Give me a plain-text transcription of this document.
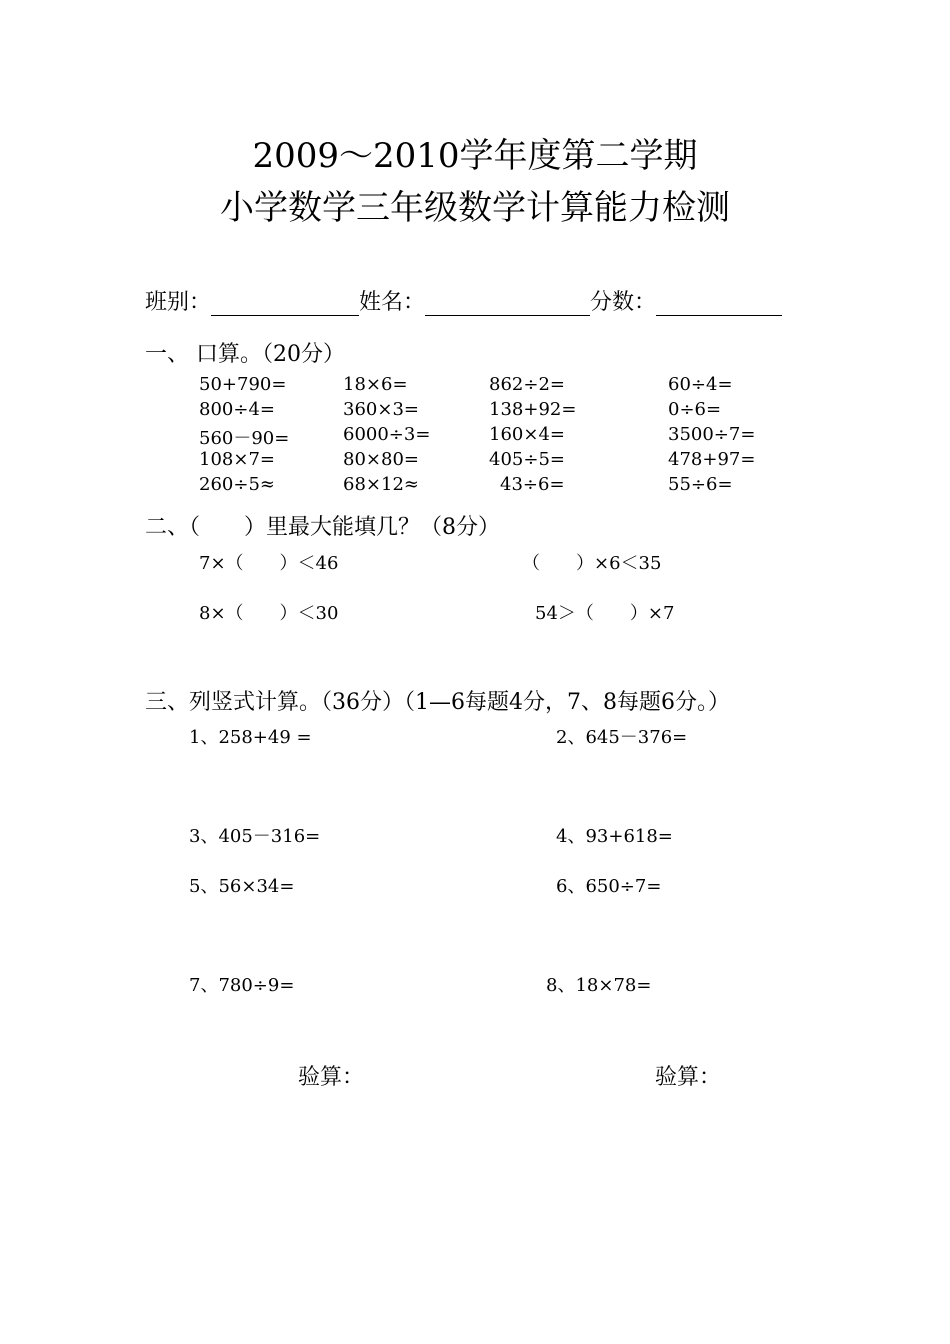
2009～2010学年度第二学期
小学数学三年级数学计算能力检测
班别：	姓名：	分数：
一、 口算。（20分）
50+790=	18×6=	862÷2=	60÷4=
800÷4=	360×3=	138+92=	0÷6=
560－90=	6000÷3=	160×4=	3500÷7=
108×7=	80×80=	405÷5=	478+97=
260÷5≈	68×12≈	43÷6=	55÷6=
二、（　　）里最大能填几？（8分）
7×（　　）＜46	（　　）×6＜35
8×（　　）＜30	54＞（　　）×7
三、列竖式计算。（36分）（1—6每题4分，7、8每题6分。）
1、258+49 =	2、645－376=
3、405－316=	4、93+618=
5、56×34=	6、650÷7=
7、780÷9=	8、18×78=
验算：	验算：
